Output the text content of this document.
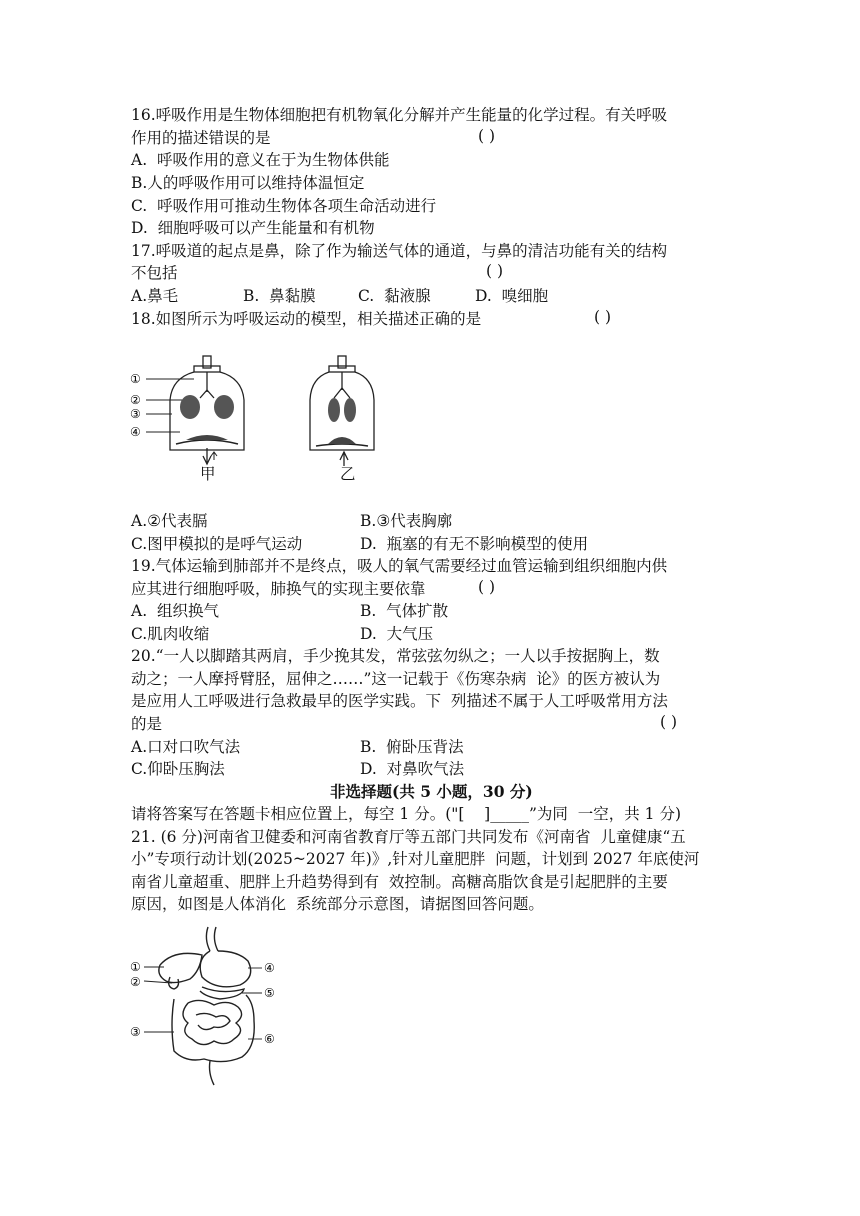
16.呼吸作用是生物体细胞把有机物氧化分解并产生能量的化学过程。有关呼吸
作用的描述错误的是	( )
A.  呼吸作用的意义在于为生物体供能
B.人的呼吸作用可以维持体温恒定
C.  呼吸作用可推动生物体各项生命活动进行
D.  细胞呼吸可以产生能量和有机物
17.呼吸道的起点是鼻，除了作为输送气体的通道，与鼻的清洁功能有关的结构
不包括	( )
A.鼻毛	B.  鼻黏膜	C.  黏液腺	D.  嗅细胞
18.如图所示为呼吸运动的模型，相关描述正确的是	( )
①
②
③
④
甲	乙
A.②代表膈	B.③代表胸廓
C.图甲模拟的是呼气运动	D.  瓶塞的有无不影响模型的使用
19.气体运输到肺部并不是终点，吸人的氧气需要经过血管运输到组织细胞内供
应其进行细胞呼吸，肺换气的实现主要依靠	( )
A.  组织换气	B.  气体扩散
C.肌肉收缩	D.  大气压
20.“一人以脚踏其两肩，手少挽其发，常弦弦勿纵之；一人以手按据胸上，数
动之；一人摩捋臂胫，屈伸之……”这一记载于《伤寒杂病  论》的医方被认为
是应用人工呼吸进行急救最早的医学实践。下  列描述不属于人工呼吸常用方法
的是	( )
A.口对口吹气法	B.  俯卧压背法
C.仰卧压胸法	D.  对鼻吹气法
非选择题(共 5 小题，30 分)
请将答案写在答题卡相应位置上，每空 1 分。("[    ]_____”为同  一空，共 1 分)
21. (6 分)河南省卫健委和河南省教育厅等五部门共同发布《河南省  儿童健康“五
小”专项行动计划(2025~2027 年)》,针对儿童肥胖  问题，计划到 2027 年底使河
南省儿童超重、肥胖上升趋势得到有  效控制。高糖高脂饮食是引起肥胖的主要
原因，如图是人体消化  系统部分示意图，请据图回答问题。
①
②
③
④
⑤
⑥
